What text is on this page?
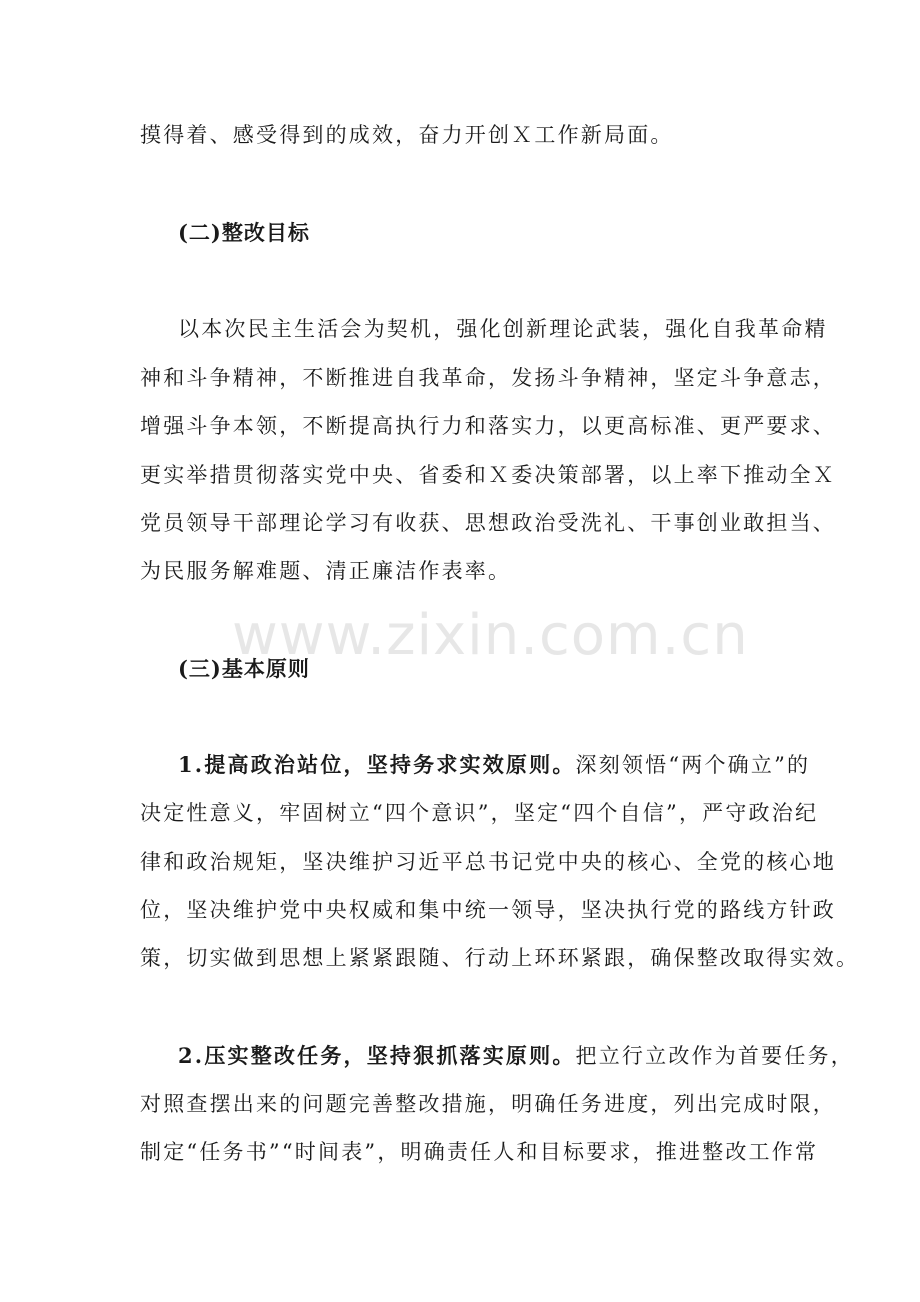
摸得着、感受得到的成效，奋力开创Ｘ工作新局面。
(二)整改目标
以本次民主生活会为契机，强化创新理论武装，强化自我革命精
神和斗争精神，不断推进自我革命，发扬斗争精神，坚定斗争意志，
增强斗争本领，不断提高执行力和落实力，以更高标准、更严要求、
更实举措贯彻落实党中央、省委和Ｘ委决策部署，以上率下推动全Ｘ
党员领导干部理论学习有收获、思想政治受洗礼、干事创业敢担当、
为民服务解难题、清正廉洁作表率。
(三)基本原则
1.提高政治站位，坚持务求实效原则。深刻领悟“两个确立”的
决定性意义，牢固树立“四个意识”，坚定“四个自信”，严守政治纪
律和政治规矩，坚决维护习近平总书记党中央的核心、全党的核心地
位，坚决维护党中央权威和集中统一领导，坚决执行党的路线方针政
策，切实做到思想上紧紧跟随、行动上环环紧跟，确保整改取得实效。
2.压实整改任务，坚持狠抓落实原则。把立行立改作为首要任务，
对照查摆出来的问题完善整改措施，明确任务进度，列出完成时限，
制定“任务书”“时间表”，明确责任人和目标要求，推进整改工作常
www.zixin.com.cn
